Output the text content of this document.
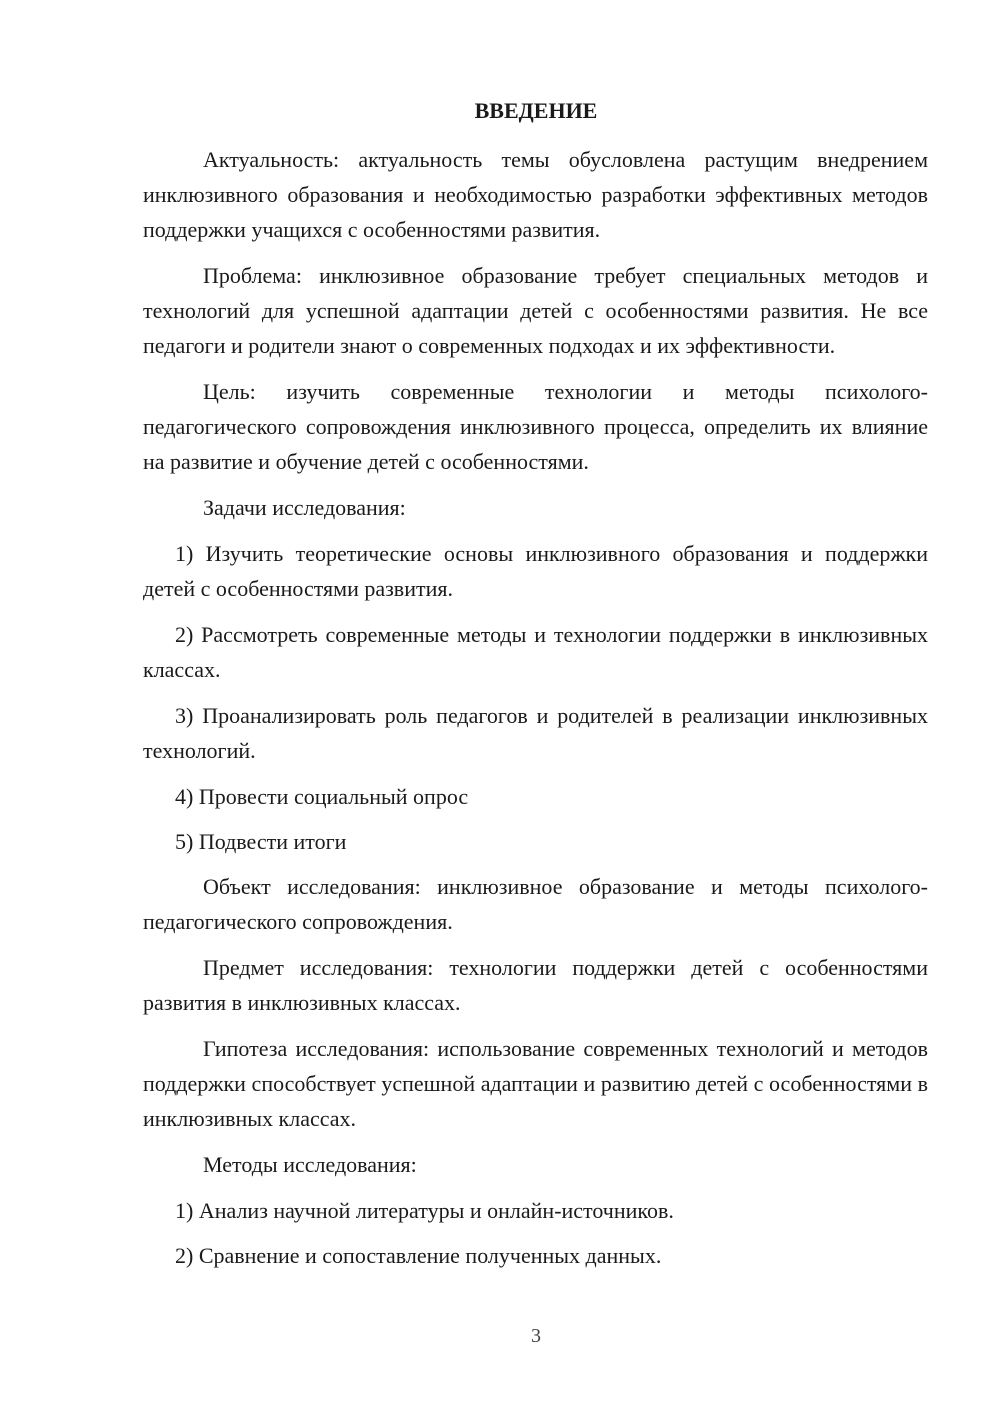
ВВЕДЕНИЕ

Актуальность: актуальность темы обусловлена растущим внедрением инклюзивного образования и необходимостью разработки эффективных методов поддержки учащихся с особенностями развития.

Проблема: инклюзивное образование требует специальных методов и технологий для успешной адаптации детей с особенностями развития. Не все педагоги и родители знают о современных подходах и их эффективности.

Цель: изучить современные технологии и методы психолого-педагогического сопровождения инклюзивного процесса, определить их влияние на развитие и обучение детей с особенностями.

Задачи исследования:

1) Изучить теоретические основы инклюзивного образования и поддержки детей с особенностями развития.

2) Рассмотреть современные методы и технологии поддержки в инклюзивных классах.

3) Проанализировать роль педагогов и родителей в реализации инклюзивных технологий.

4) Провести социальный опрос

5) Подвести итоги

Объект исследования: инклюзивное образование и методы психолого-педагогического сопровождения.

Предмет исследования: технологии поддержки детей с особенностями развития в инклюзивных классах.

Гипотеза исследования: использование современных технологий и методов поддержки способствует успешной адаптации и развитию детей с особенностями в инклюзивных классах.

Методы исследования:

1) Анализ научной литературы и онлайн-источников.

2) Сравнение и сопоставление полученных данных.

3
